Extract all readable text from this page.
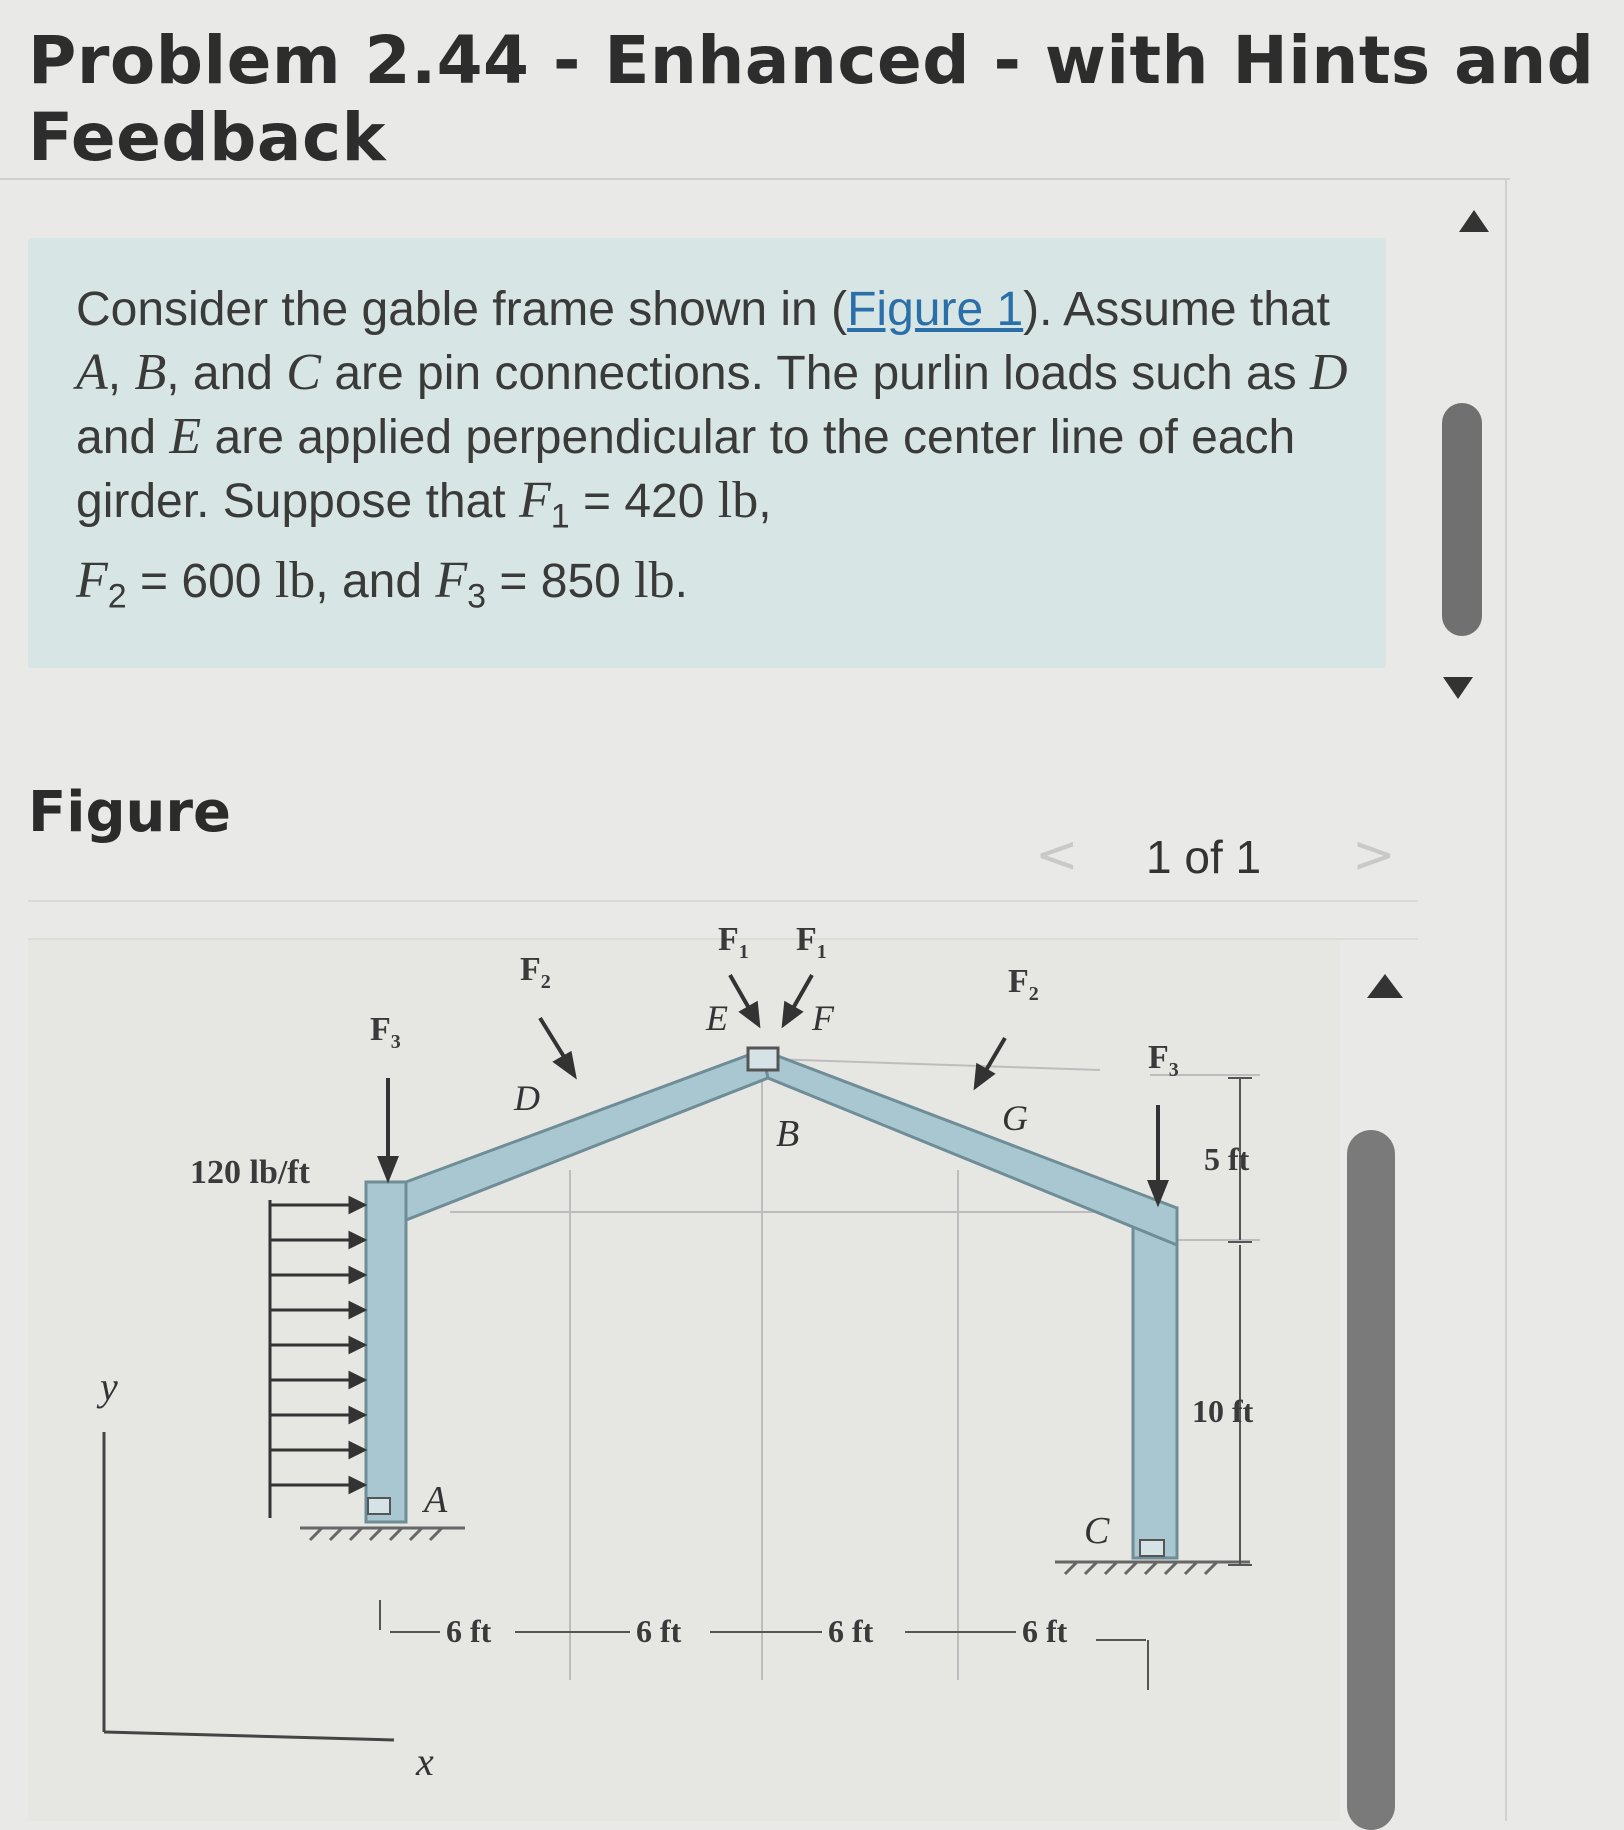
Problem 2.44 - Enhanced - with Hints and Feedback
Consider the gable frame shown in (Figure 1). Assume that A, B, and C are pin connections. The purlin loads such as D and E are applied perpendicular to the center line of each girder. Suppose that $F_1 = 420$ lb,
$F_2 = 600$ lb, and $F_3 = 850$ lb.
Figure
< 1 of 1 >
$F_3$
$F_2$
$F_1$ $F_1$
$F_2$
$F_3$
120 lb/ft
A
B
C
D
E F
G
5 ft
10 ft
6 ft	6 ft	6 ft	6 ft
y
x
